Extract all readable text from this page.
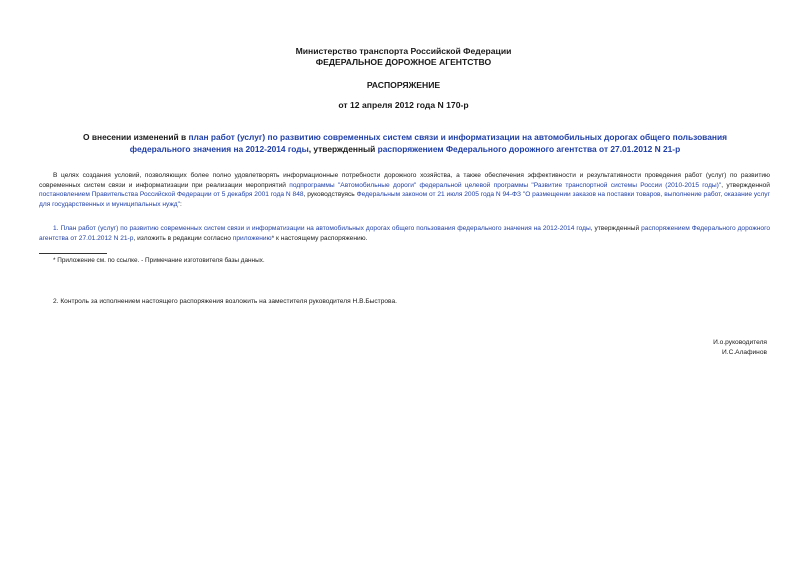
Министерство транспорта Российской Федерации
ФЕДЕРАЛЬНОЕ ДОРОЖНОЕ АГЕНТСТВО
РАСПОРЯЖЕНИЕ
от 12 апреля 2012 года N 170-р
О внесении изменений в план работ (услуг) по развитию современных систем связи и информатизации на автомобильных дорогах общего пользования федерального значения на 2012-2014 годы, утвержденный распоряжением Федерального дорожного агентства от 27.01.2012 N 21-р
В целях создания условий, позволяющих более полно удовлетворять информационные потребности дорожного хозяйства, а также обеспечения эффективности и результативности проведения работ (услуг) по развитию современных систем связи и информатизации при реализации мероприятий подпрограммы "Автомобильные дороги" федеральной целевой программы "Развитие транспортной системы России (2010-2015 годы)", утвержденной постановлением Правительства Российской Федерации от 5 декабря 2001 года N 848, руководствуясь Федеральным законом от 21 июля 2005 года N 94-ФЗ "О размещении заказов на поставки товаров, выполнение работ, оказание услуг для государственных и муниципальных нужд":
1. План работ (услуг) по развитию современных систем связи и информатизации на автомобильных дорогах общего пользования федерального значения на 2012-2014 годы, утвержденный распоряжением Федерального дорожного агентства от 27.01.2012 N 21-р, изложить в редакции согласно приложению* к настоящему распоряжению.
* Приложение см. по ссылке. - Примечание изготовителя базы данных.
2. Контроль за исполнением настоящего распоряжения возложить на заместителя руководителя Н.В.Быстрова.
И.о.руководителя
И.С.Алафинов
